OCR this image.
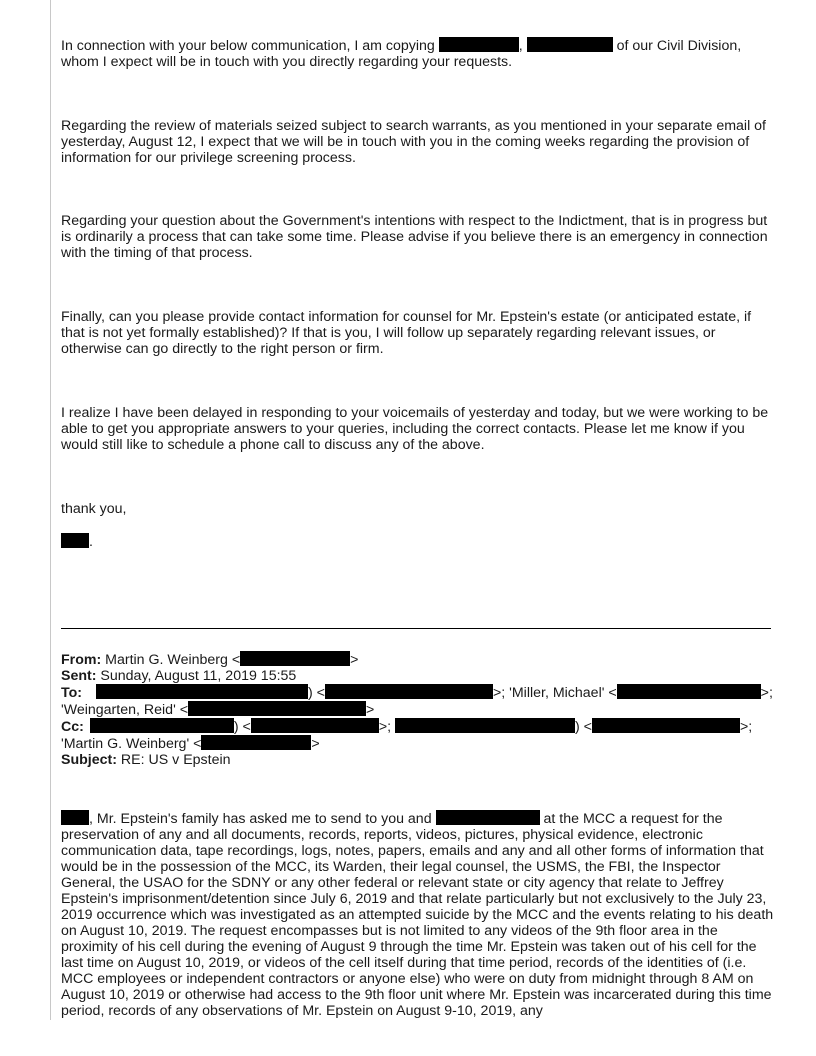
In connection with your below communication, I am copying	,	of our Civil Division, whom I expect will be in touch with you directly regarding your requests.

Regarding the review of materials seized subject to search warrants, as you mentioned in your separate email of yesterday, August 12, I expect that we will be in touch with you in the coming weeks regarding the provision of information for our privilege screening process.

Regarding your question about the Government's intentions with respect to the Indictment, that is in progress but is ordinarily a process that can take some time. Please advise if you believe there is an emergency in connection with the timing of that process.

Finally, can you please provide contact information for counsel for Mr. Epstein's estate (or anticipated estate, if that is not yet formally established)? If that is you, I will follow up separately regarding relevant issues, or otherwise can go directly to the right person or firm.

I realize I have been delayed in responding to your voicemails of yesterday and today, but we were working to be able to get you appropriate answers to your queries, including the correct contacts. Please let me know if you would still like to schedule a phone call to discuss any of the above.

thank you,

.

From: Martin G. Weinberg <	>
Sent: Sunday, August 11, 2019 15:55
To:	) <	>; 'Miller, Michael' <	>;
'Weingarten, Reid' <	>
Cc:	) <	>;	) <	>;
'Martin G. Weinberg' <	>
Subject: RE: US v Epstein

, Mr. Epstein's family has asked me to send to you and	at the MCC a request for the preservation of any and all documents, records, reports, videos, pictures, physical evidence, electronic communication data, tape recordings, logs, notes, papers, emails and any and all other forms of information that would be in the possession of the MCC, its Warden, their legal counsel, the USMS, the FBI, the Inspector General, the USAO for the SDNY or any other federal or relevant state or city agency that relate to Jeffrey Epstein's imprisonment/detention since July 6, 2019 and that relate particularly but not exclusively to the July 23, 2019 occurrence which was investigated as an attempted suicide by the MCC and the events relating to his death on August 10, 2019. The request encompasses but is not limited to any videos of the 9th floor area in the proximity of his cell during the evening of August 9 through the time Mr. Epstein was taken out of his cell for the last time on August 10, 2019, or videos of the cell itself during that time period, records of the identities of (i.e. MCC employees or independent contractors or anyone else) who were on duty from midnight through 8 AM on August 10, 2019 or otherwise had access to the 9th floor unit where Mr. Epstein was incarcerated during this time period, records of any observations of Mr. Epstein on August 9-10, 2019, any
